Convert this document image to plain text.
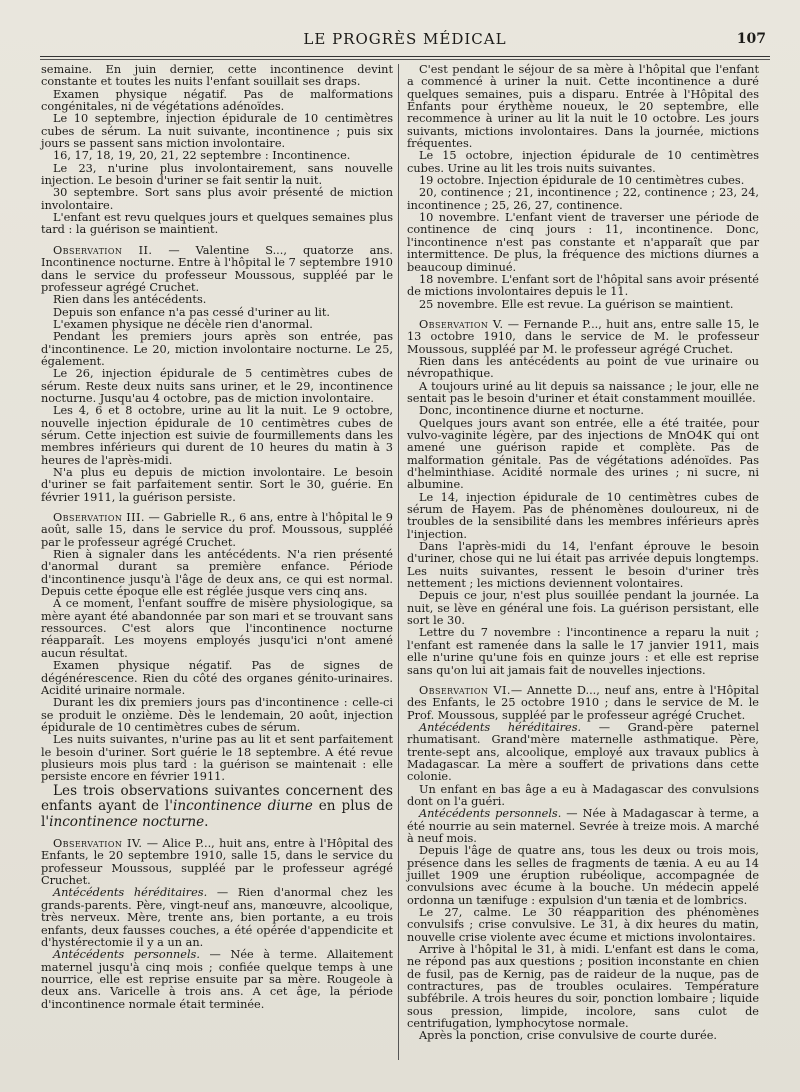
LE PROGRÈS MÉDICAL	107

semaine. En juin dernier, cette incontinence devint constante et toutes les nuits l'enfant souillait ses draps.

Examen physique négatif. Pas de malformations congénitales, ni de végétations adénoïdes.

Le 10 septembre, injection épidurale de 10 centimètres cubes de sérum. La nuit suivante, incontinence ; puis six jours se passent sans miction involontaire.

16, 17, 18, 19, 20, 21, 22 septembre : Incontinence.

Le 23, n'urine plus involontairement, sans nouvelle injection. Le besoin d'uriner se fait sentir la nuit.

30 septembre. Sort sans plus avoir présenté de miction involontaire.

L'enfant est revu quelques jours et quelques semaines plus tard : la guérison se maintient.

Observation II. — Valentine S..., quatorze ans. Incontinence nocturne. Entre à l'hôpital le 7 septembre 1910 dans le service du professeur Moussous, suppléé par le professeur agrégé Cruchet.

Rien dans les antécédents.

Depuis son enfance n'a pas cessé d'uriner au lit.

L'examen physique ne décèle rien d'anormal.

Pendant les premiers jours après son entrée, pas d'incontinence. Le 20, miction involontaire nocturne. Le 25, également.

Le 26, injection épidurale de 5 centimètres cubes de sérum. Reste deux nuits sans uriner, et le 29, incontinence nocturne. Jusqu'au 4 octobre, pas de miction involontaire.

Les 4, 6 et 8 octobre, urine au lit la nuit. Le 9 octobre, nouvelle injection épidurale de 10 centimètres cubes de sérum. Cette injection est suivie de fourmillements dans les membres inférieurs qui durent de 10 heures du matin à 3 heures de l'après-midi.

N'a plus eu depuis de miction involontaire. Le besoin d'uriner se fait parfaitement sentir. Sort le 30, guérie. En février 1911, la guérison persiste.

Observation III. — Gabrielle R., 6 ans, entre à l'hôpital le 9 août, salle 15, dans le service du prof. Moussous, suppléé par le professeur agrégé Cruchet.

Rien à signaler dans les antécédents. N'a rien présenté d'anormal durant sa première enfance. Période d'incontinence jusqu'à l'âge de deux ans, ce qui est normal. Depuis cette époque elle est réglée jusque vers cinq ans.

A ce moment, l'enfant souffre de misère physiologique, sa mère ayant été abandonnée par son mari et se trouvant sans ressources. C'est alors que l'incontinence nocturne réapparaît. Les moyens employés jusqu'ici n'ont amené aucun résultat.

Examen physique négatif. Pas de signes de dégénérescence. Rien du côté des organes génito-urinaires. Acidité urinaire normale.

Durant les dix premiers jours pas d'incontinence : celle-ci se produit le onzième. Dès le lendemain, 20 août, injection épidurale de 10 centimètres cubes de sérum.

Les nuits suivantes, n'urine pas au lit et sent parfaitement le besoin d'uriner. Sort guérie le 18 septembre. A été revue plusieurs mois plus tard : la guérison se maintenait : elle persiste encore en février 1911.

Les trois observations suivantes concernent des enfants ayant de l'incontinence diurne en plus de l'incontinence nocturne.

Observation IV. — Alice P..., huit ans, entre à l'Hôpital des Enfants, le 20 septembre 1910, salle 15, dans le service du professeur Moussous, suppléé par le professeur agrégé Cruchet.

Antécédents héréditaires. — Rien d'anormal chez les grands-parents. Père, vingt-neuf ans, manœuvre, alcoolique, très nerveux. Mère, trente ans, bien portante, a eu trois enfants, deux fausses couches, a été opérée d'appendicite et d'hystérectomie il y a un an.

Antécédents personnels. — Née à terme. Allaitement maternel jusqu'à cinq mois ; confiée quelque temps à une nourrice, elle est reprise ensuite par sa mère. Rougeole à deux ans. Varicelle à trois ans. A cet âge, la période d'incontinence normale était terminée.

C'est pendant le séjour de sa mère à l'hôpital que l'enfant a commencé à uriner la nuit. Cette incontinence a duré quelques semaines, puis a disparu. Entrée à l'Hôpital des Enfants pour érythème noueux, le 20 septembre, elle recommence à uriner au lit la nuit le 10 octobre. Les jours suivants, mictions involontaires. Dans la journée, mictions fréquentes.

Le 15 octobre, injection épidurale de 10 centimètres cubes. Urine au lit les trois nuits suivantes.

19 octobre. Injection épidurale de 10 centimètres cubes.

20, continence ; 21, incontinence ; 22, continence ; 23, 24, incontinence ; 25, 26, 27, continence.

10 novembre. L'enfant vient de traverser une période de continence de cinq jours : 11, incontinence. Donc, l'incontinence n'est pas constante et n'apparaît que par intermittence. De plus, la fréquence des mictions diurnes a beaucoup diminué.

18 novembre. L'enfant sort de l'hôpital sans avoir présenté de mictions involontaires depuis le 11.

25 novembre. Elle est revue. La guérison se maintient.

Observation V. — Fernande P..., huit ans, entre salle 15, le 13 octobre 1910, dans le service de M. le professeur Moussous, suppléé par M. le professeur agrégé Cruchet.

Rien dans les antécédents au point de vue urinaire ou névropathique.

A toujours uriné au lit depuis sa naissance ; le jour, elle ne sentait pas le besoin d'uriner et était constamment mouillée.

Donc, incontinence diurne et nocturne.

Quelques jours avant son entrée, elle a été traitée, pour vulvo-vaginite légère, par des injections de MnO4K qui ont amené une guérison rapide et complète. Pas de malformation génitale. Pas de végétations adénoïdes. Pas d'helminthiase. Acidité normale des urines ; ni sucre, ni albumine.

Le 14, injection épidurale de 10 centimètres cubes de sérum de Hayem. Pas de phénomènes douloureux, ni de troubles de la sensibilité dans les membres inférieurs après l'injection.

Dans l'après-midi du 14, l'enfant éprouve le besoin d'uriner, chose qui ne lui était pas arrivée depuis longtemps. Les nuits suivantes, ressent le besoin d'uriner très nettement ; les mictions deviennent volontaires.

Depuis ce jour, n'est plus souillée pendant la journée. La nuit, se lève en général une fois. La guérison persistant, elle sort le 30.

Lettre du 7 novembre : l'incontinence a reparu la nuit ; l'enfant est ramenée dans la salle le 17 janvier 1911, mais elle n'urine qu'une fois en quinze jours : et elle est reprise sans qu'on lui ait jamais fait de nouvelles injections.

Observation VI.— Annette D..., neuf ans, entre à l'Hôpital des Enfants, le 25 octobre 1910 ; dans le service de M. le Prof. Moussous, suppléé par le professeur agrégé Cruchet.

Antécédents héréditaires. — Grand-père paternel rhumatisant. Grand'mère maternelle asthmatique. Père, trente-sept ans, alcoolique, employé aux travaux publics à Madagascar. La mère a souffert de privations dans cette colonie.

Un enfant en bas âge a eu à Madagascar des convulsions dont on l'a guéri.

Antécédents personnels. — Née à Madagascar à terme, a été nourrie au sein maternel. Sevrée à treize mois. A marché à neuf mois.

Depuis l'âge de quatre ans, tous les deux ou trois mois, présence dans les selles de fragments de tænia. A eu au 14 juillet 1909 une éruption rubéolique, accompagnée de convulsions avec écume à la bouche. Un médecin appelé ordonna un tænifuge : expulsion d'un tænia et de lombrics.

Le 27, calme. Le 30 réapparition des phénomènes convulsifs ; crise convulsive. Le 31, à dix heures du matin, nouvelle crise violente avec écume et mictions involontaires.

Arrive à l'hôpital le 31, à midi. L'enfant est dans le coma, ne répond pas aux questions ; position inconstante en chien de fusil, pas de Kernig, pas de raideur de la nuque, pas de contractures, pas de troubles oculaires. Température subfébrile. A trois heures du soir, ponction lombaire ; liquide sous pression, limpide, incolore, sans culot de centrifugation, lymphocytose normale.

Après la ponction, crise convulsive de courte durée.
